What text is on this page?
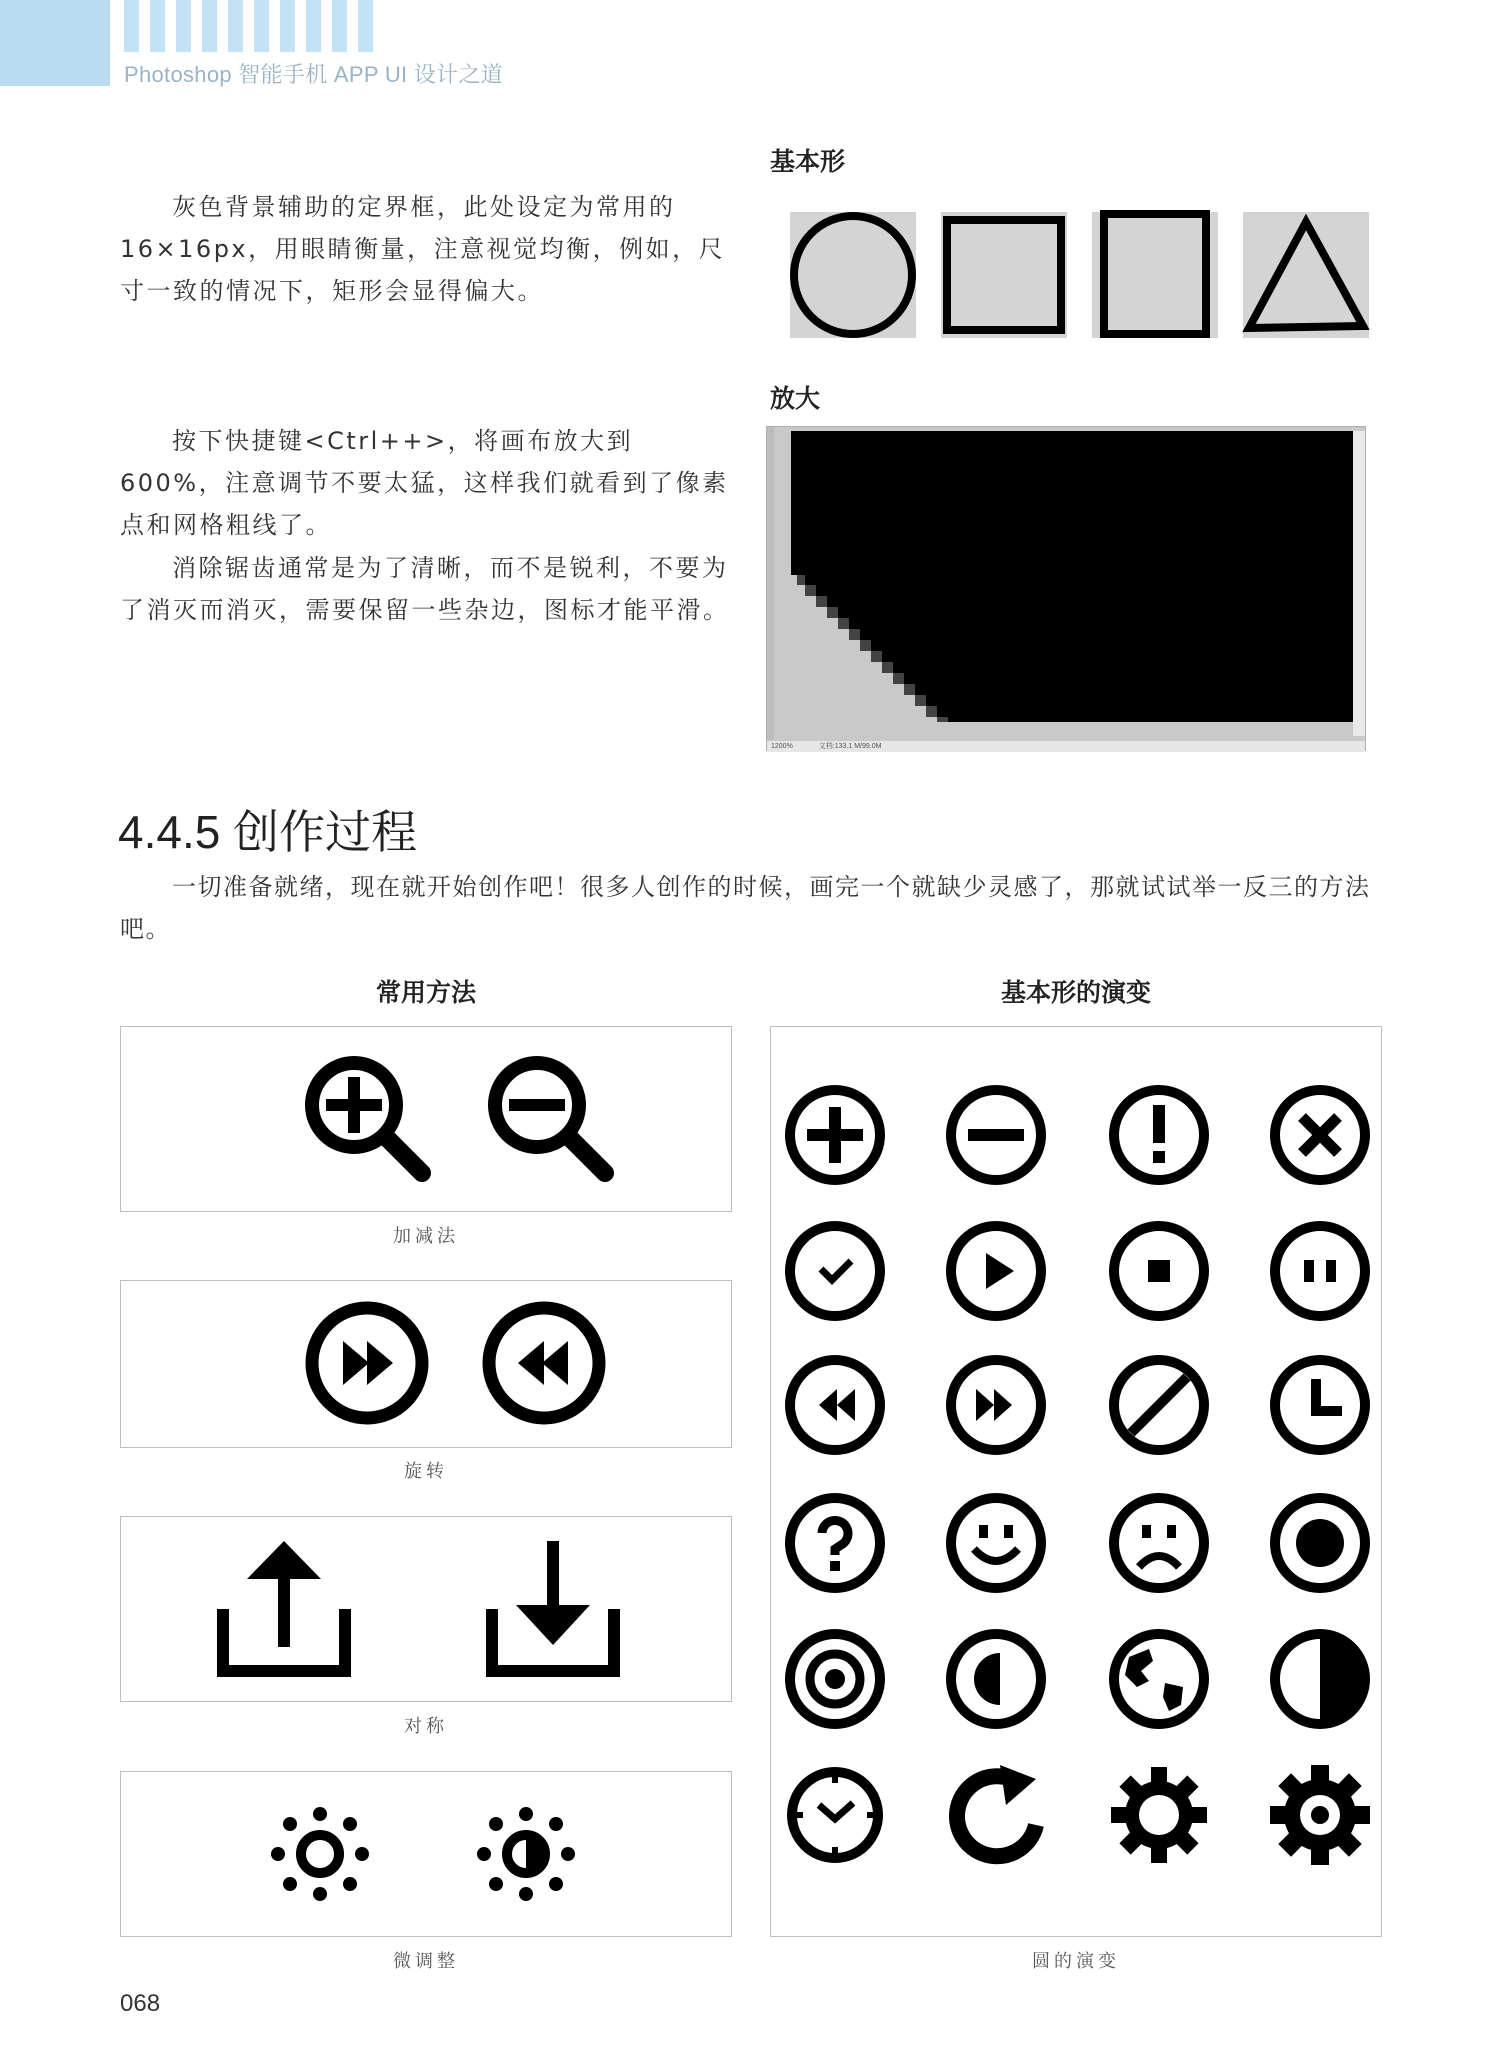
Photoshop 智能手机 APP UI 设计之道
灰色背景辅助的定界框，此处设定为常用的16×16px，用眼睛衡量，注意视觉均衡，例如，尺寸一致的情况下，矩形会显得偏大。
基本形
放大
1200%	文档:133.1 M/99.0M
按下快捷键<Ctrl++>，将画布放大到600%，注意调节不要太猛，这样我们就看到了像素点和网格粗线了。
消除锯齿通常是为了清晰，而不是锐利，不要为了消灭而消灭，需要保留一些杂边，图标才能平滑。
4.4.5 创作过程
一切准备就绪，现在就开始创作吧！很多人创作的时候，画完一个就缺少灵感了，那就试试举一反三的方法吧。
常用方法	基本形的演变
加减法
旋转
对称
微调整	圆的演变
068
